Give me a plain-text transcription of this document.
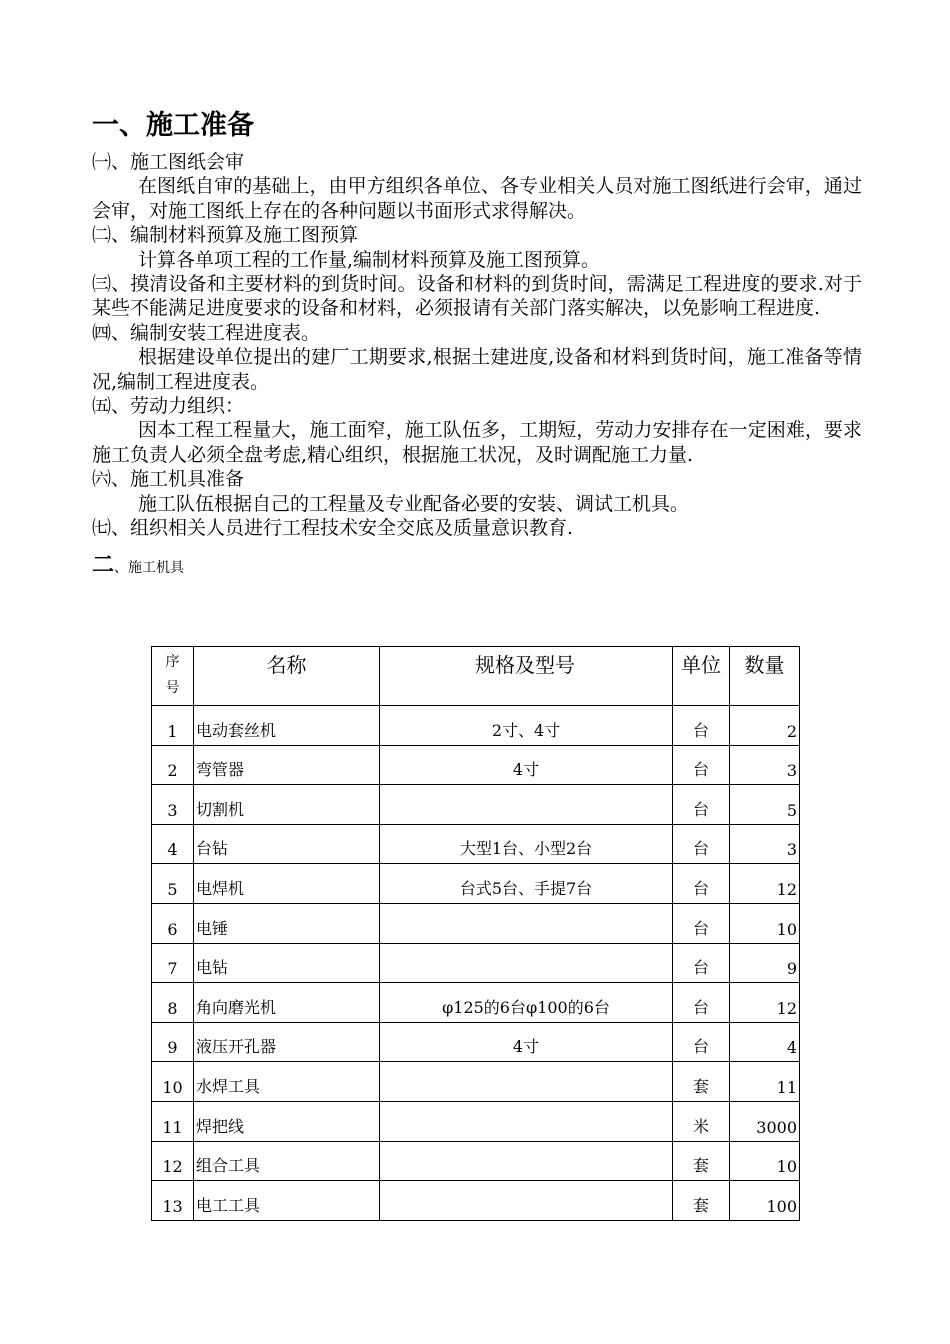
一、施工准备

㈠、施工图纸会审

在图纸自审的基础上，由甲方组织各单位、各专业相关人员对施工图纸进行会审，通过会审，对施工图纸上存在的各种问题以书面形式求得解决。

㈡、编制材料预算及施工图预算

计算各单项工程的工作量,编制材料预算及施工图预算。

㈢、摸清设备和主要材料的到货时间。设备和材料的到货时间，需满足工程进度的要求.对于某些不能满足进度要求的设备和材料，必须报请有关部门落实解决，以免影响工程进度.

㈣、编制安装工程进度表。

根据建设单位提出的建厂工期要求,根据土建进度,设备和材料到货时间，施工准备等情况,编制工程进度表。

㈤、劳动力组织：

因本工程工程量大，施工面窄，施工队伍多，工期短，劳动力安排存在一定困难，要求施工负责人必须全盘考虑,精心组织，根据施工状况，及时调配施工力量.

㈥、施工机具准备

施工队伍根据自己的工程量及专业配备必要的安装、调试工机具。

㈦、组织相关人员进行工程技术安全交底及质量意识教育.

二、施工机具
序
号	名称	规格及型号	单位	数量
1	电动套丝机	2寸、4寸	台	2
2	弯管器	4寸	台	3
3	切割机		台	5
4	台钻	大型1台、小型2台	台	3
5	电焊机	台式5台、手提7台	台	12
6	电锤		台	10
7	电钻		台	9
8	角向磨光机	φ125的6台φ100的6台	台	12
9	液压开孔器	4寸	台	4
10	水焊工具		套	11
11	焊把线		米	3000
12	组合工具		套	10
13	电工工具		套	100
